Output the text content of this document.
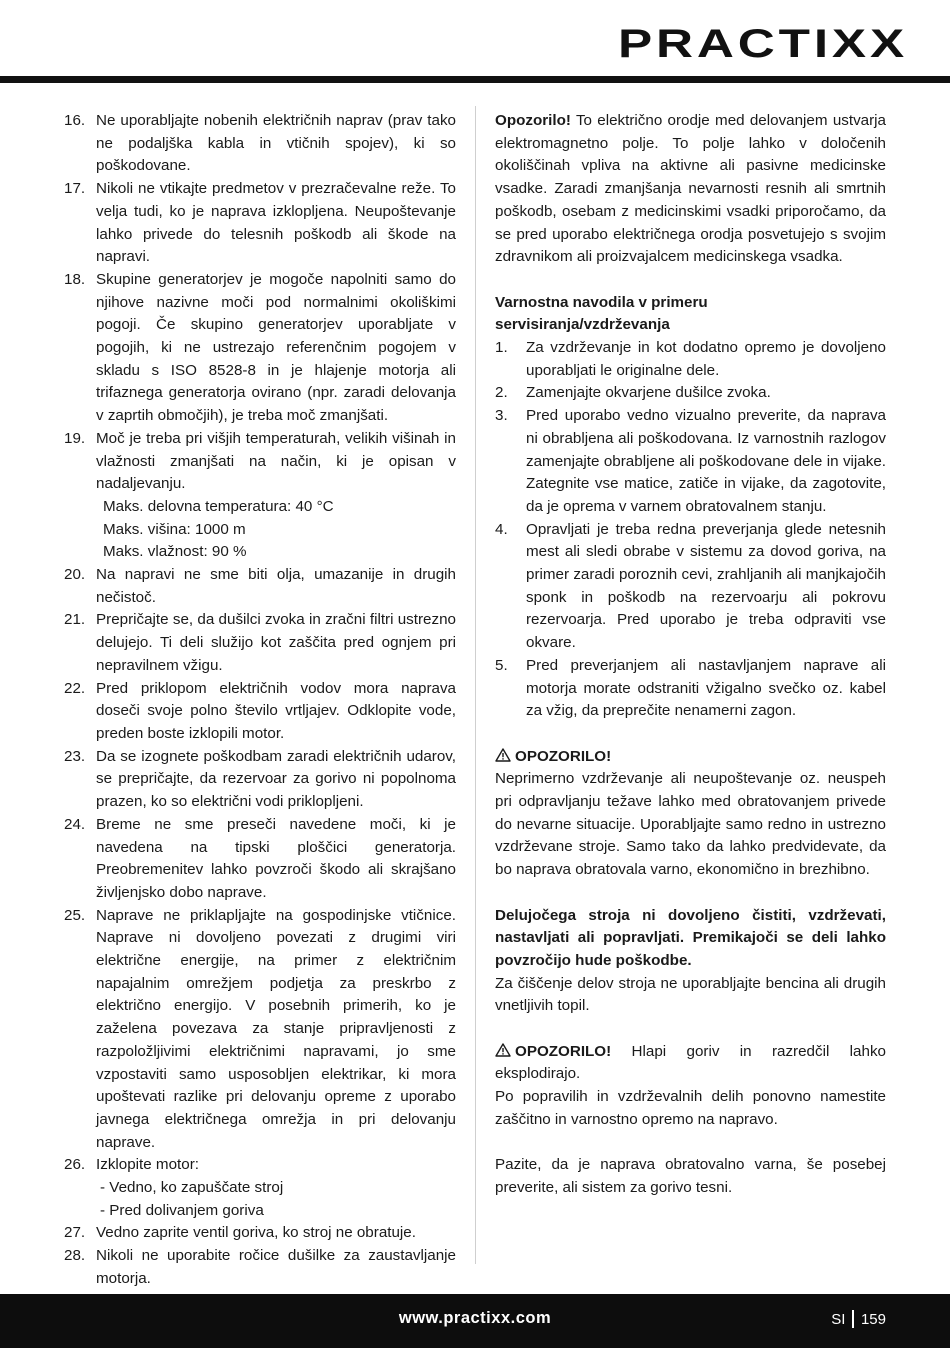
PRACTIXX
16. Ne uporabljajte nobenih električnih naprav (prav tako ne podaljška kabla in vtičnih spojev), ki so poškodovane.
17. Nikoli ne vtikajte predmetov v prezračevalne reže. To velja tudi, ko je naprava izklopljena. Neupoštevanje lahko privede do telesnih poškodb ali škode na napravi.
18. Skupine generatorjev je mogoče napolniti samo do njihove nazivne moči pod normalnimi okoliškimi pogoji. Če skupino generatorjev uporabljate v pogojih, ki ne ustrezajo referenčnim pogojem v skladu s ISO 8528-8 in je hlajenje motorja ali trifaznega generatorja ovirano (npr. zaradi delovanja v zaprtih območjih), je treba moč zmanjšati.
19. Moč je treba pri višjih temperaturah, velikih višinah in vlažnosti zmanjšati na način, ki je opisan v nadaljevanju.
Maks. delovna temperatura: 40 °C
Maks. višina: 1000 m
Maks. vlažnost: 90 %
20. Na napravi ne sme biti olja, umazanije in drugih nečistoč.
21. Prepričajte se, da dušilci zvoka in zračni filtri ustrezno delujejo. Ti deli služijo kot zaščita pred ognjem pri nepravilnem vžigu.
22. Pred priklopom električnih vodov mora naprava doseči svoje polno število vrtljajev. Odklopite vode, preden boste izklopili motor.
23. Da se izognete poškodbam zaradi električnih udarov, se prepričajte, da rezervoar za gorivo ni popolnoma prazen, ko so električni vodi priklopljeni.
24. Breme ne sme preseči navedene moči, ki je navedena na tipski ploščici generatorja. Preobremenitev lahko povzroči škodo ali skrajšano življenjsko dobo naprave.
25. Naprave ne priklapljajte na gospodinjske vtičnice. Naprave ni dovoljeno povezati z drugimi viri električne energije, na primer z električnim napajalnim omrežjem podjetja za preskrbo z električno energijo. V posebnih primerih, ko je zaželena povezava za stanje pripravljenosti z razpoložljivimi električnimi napravami, jo sme vzpostaviti samo usposobljen elektrikar, ki mora upoštevati razlike pri delovanju opreme z uporabo javnega električnega omrežja in pri delovanju naprave.
26. Izklopite motor:
- Vedno, ko zapuščate stroj
- Pred dolivanjem goriva
27. Vedno zaprite ventil goriva, ko stroj ne obratuje.
28. Nikoli ne uporabite ročice dušilke za zaustavljanje motorja.
Opozorilo! To električno orodje med delovanjem ustvarja elektromagnetno polje. To polje lahko v določenih okoliščinah vpliva na aktivne ali pasivne medicinske vsadke. Zaradi zmanjšanja nevarnosti resnih ali smrtnih poškodb, osebam z medicinskimi vsadki priporočamo, da se pred uporabo električnega orodja posvetujejo s svojim zdravnikom ali proizvajalcem medicinskega vsadka.
Varnostna navodila v primeru servisiranja/vzdrževanja
1.	Za vzdrževanje in kot dodatno opremo je dovoljeno uporabljati le originalne dele.
2.	Zamenjajte okvarjene dušilce zvoka.
3.	Pred uporabo vedno vizualno preverite, da naprava ni obrabljena ali poškodovana. Iz varnostnih razlogov zamenjajte obrabljene ali poškodovane dele in vijake. Zategnite vse matice, zatiče in vijake, da zagotovite, da je oprema v varnem obratovalnem stanju.
4.	Opravljati je treba redna preverjanja glede netesnih mest ali sledi obrabe v sistemu za dovod goriva, na primer zaradi poroznih cevi, zrahljanih ali manjkajočih sponk in poškodb na rezervoarju ali pokrovu rezervoarja. Pred uporabo je treba odpraviti vse okvare.
5.	Pred preverjanjem ali nastavljanjem naprave ali motorja morate odstraniti vžigalno svečko oz. kabel za vžig, da preprečite nenamerni zagon.
OPOZORILO!
Neprimerno vzdrževanje ali neupoštevanje oz. neuspeh pri odpravljanju težave lahko med obratovanjem privede do nevarne situacije. Uporabljajte samo redno in ustrezno vzdrževane stroje. Samo tako da lahko predvidevate, da bo naprava obratovala varno, ekonomično in brezhibno.
Delujočega stroja ni dovoljeno čistiti, vzdrževati, nastavljati ali popravljati. Premikajoči se deli lahko povzročijo hude poškodbe.
Za čiščenje delov stroja ne uporabljajte bencina ali drugih vnetljivih topil.
OPOZORILO! Hlapi goriv in razredčil lahko eksplodirajo.
Po popravilih in vzdrževalnih delih ponovno namestite zaščitno in varnostno opremo na napravo.
Pazite, da je naprava obratovalno varna, še posebej preverite, ali sistem za gorivo tesni.
www.practixx.com	SI 159
